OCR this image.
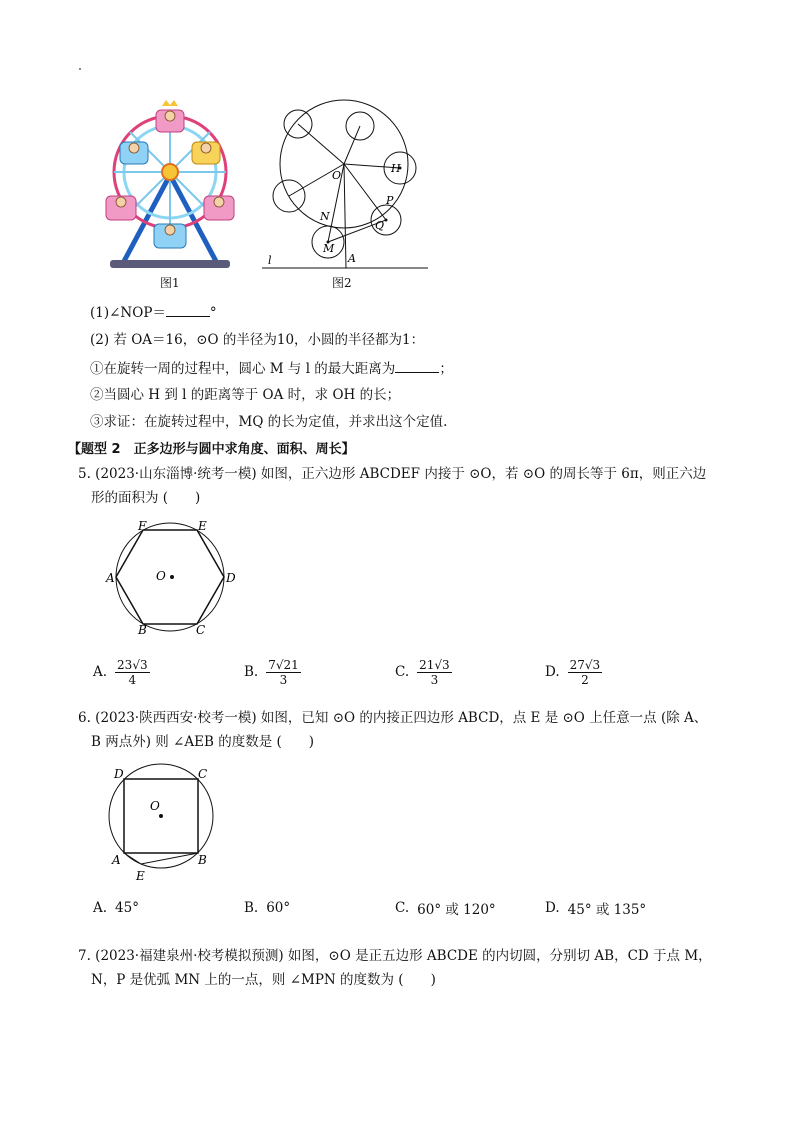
图1
O
H
P
Q
N
M
l	A
图2
(1)∠NOP＝	°
(2) 若 OA＝16，⊙O 的半径为10，小圆的半径都为1：
①在旋转一周的过程中，圆心 M 与 l 的最大距离为	；
②当圆心 H 到 l 的距离等于 OA 时，求 OH 的长；
③求证：在旋转过程中，MQ 的长为定值，并求出这个定值.
【题型 2　正多边形与圆中求角度、面积、周长】
5. (2023·山东淄博·统考一模) 如图，正六边形 ABCDEF 内接于 ⊙O，若 ⊙O 的周长等于 6π，则正六边
形的面积为 (　　)
F	E
A	D
B	C
O
A. $\frac{23√3}{4}$	B. $\frac{7√21}{3}$	C. $\frac{21√3}{3}$	D. $\frac{27√3}{2}$
6. (2023·陕西西安·校考一模) 如图，已知 ⊙O 的内接正四边形 ABCD，点 E 是 ⊙O 上任意一点 (除 A、
B 两点外) 则 ∠AEB 的度数是 (　　)
D	C
O
A	B
E
A. 45°	B. 60°	C. 60° 或 120°	D. 45° 或 135°
7. (2023·福建泉州·校考模拟预测) 如图，⊙O 是正五边形 ABCDE 的内切圆，分别切 AB，CD 于点 M，
N，P 是优弧 MN 上的一点，则 ∠MPN 的度数为 (　　)
